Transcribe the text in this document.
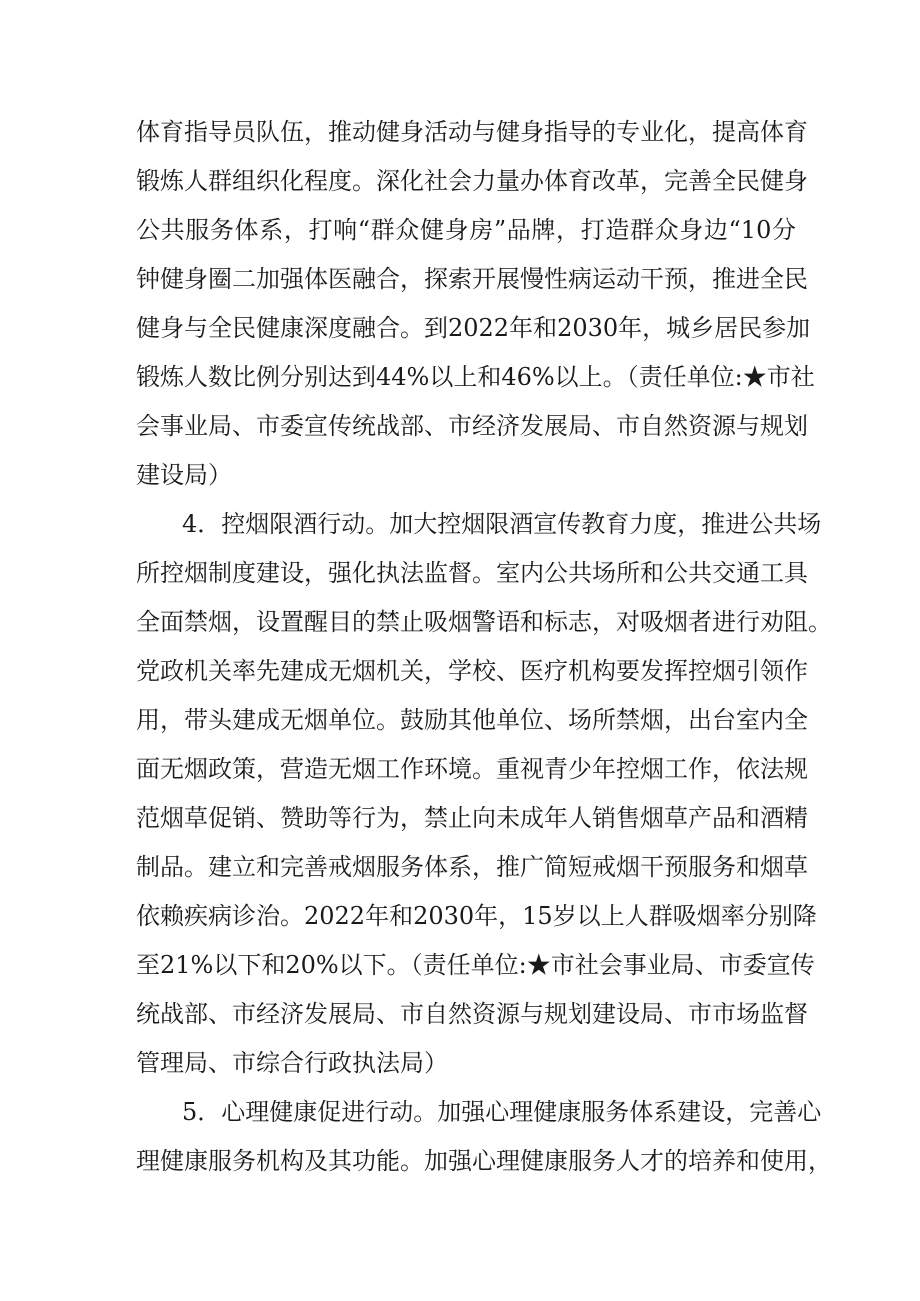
体育指导员队伍，推动健身活动与健身指导的专业化，提高体育
锻炼人群组织化程度。深化社会力量办体育改革，完善全民健身
公共服务体系，打响“群众健身房”品牌，打造群众身边“10分
钟健身圈二加强体医融合，探索开展慢性病运动干预，推进全民
健身与全民健康深度融合。到2022年和2030年，城乡居民参加
锻炼人数比例分别达到44%以上和46%以上。（责任单位:★市社
会事业局、市委宣传统战部、市经济发展局、市自然资源与规划
建设局）
4．控烟限酒行动。加大控烟限酒宣传教育力度，推进公共场
所控烟制度建设，强化执法监督。室内公共场所和公共交通工具
全面禁烟，设置醒目的禁止吸烟警语和标志，对吸烟者进行劝阻。
党政机关率先建成无烟机关，学校、医疗机构要发挥控烟引领作
用，带头建成无烟单位。鼓励其他单位、场所禁烟，出台室内全
面无烟政策，营造无烟工作环境。重视青少年控烟工作，依法规
范烟草促销、赞助等行为，禁止向未成年人销售烟草产品和酒精
制品。建立和完善戒烟服务体系，推广简短戒烟干预服务和烟草
依赖疾病诊治。2022年和2030年，15岁以上人群吸烟率分别降
至21%以下和20%以下。（责任单位:★市社会事业局、市委宣传
统战部、市经济发展局、市自然资源与规划建设局、市市场监督
管理局、市综合行政执法局）
5．心理健康促进行动。加强心理健康服务体系建设，完善心
理健康服务机构及其功能。加强心理健康服务人才的培养和使用，
